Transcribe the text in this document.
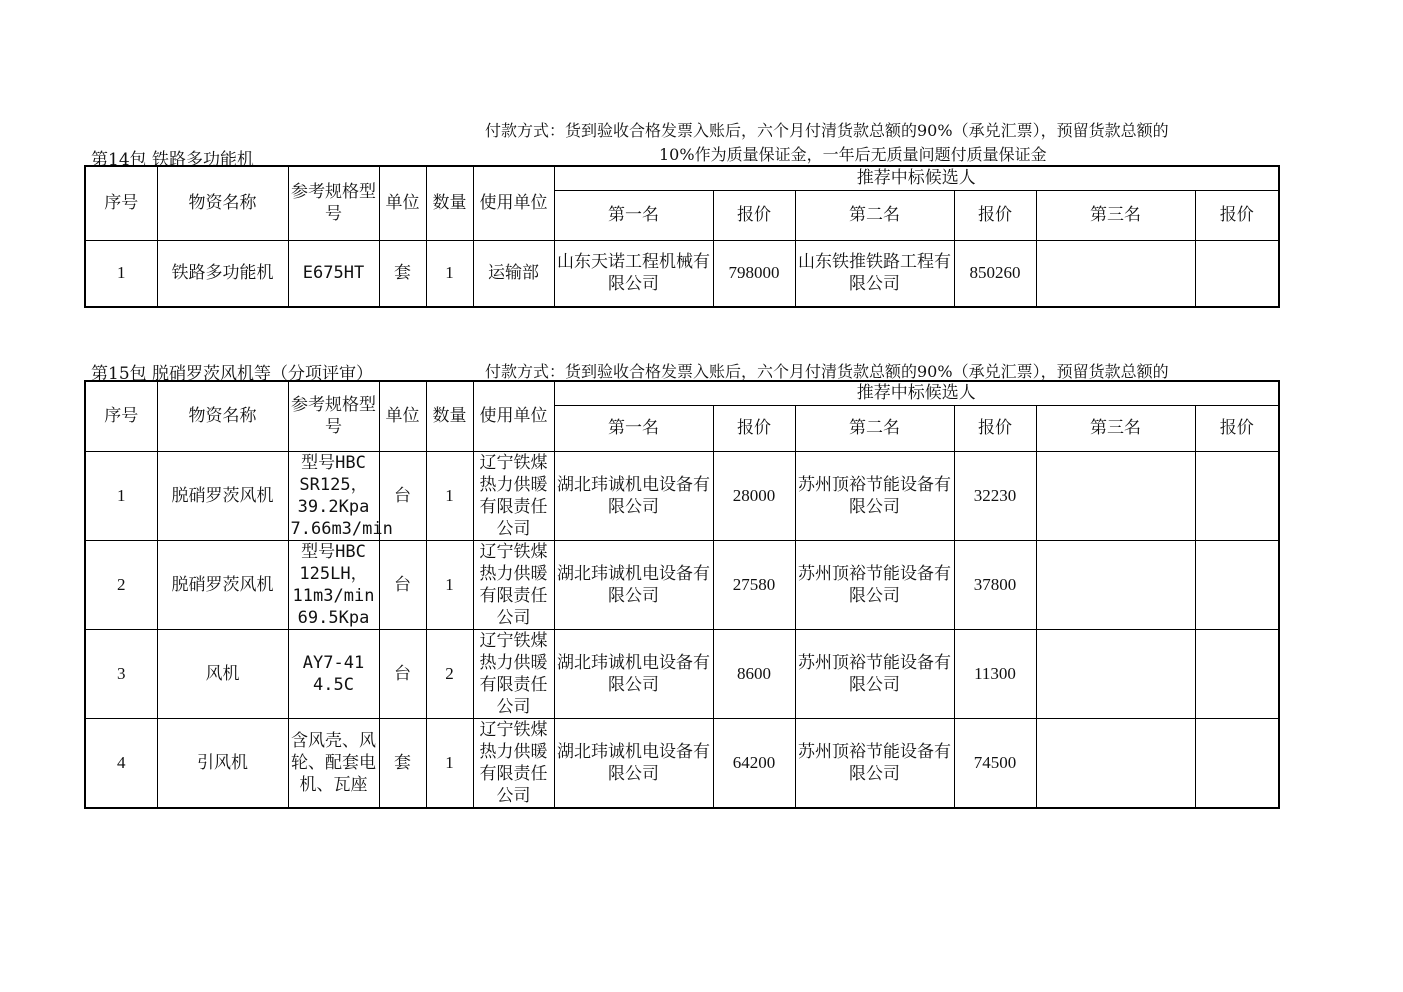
付款方式：货到验收合格发票入账后，六个月付清货款总额的90%（承兑汇票），预留货款总额的
10%作为质量保证金，一年后无质量问题付质量保证金
第14包 铁路多功能机
序号	物资名称	参考规格型号	单位	数量	使用单位	推荐中标候选人					
						第一名	报价	第二名	报价	第三名	报价
1	铁路多功能机	E675HT	套	1	运输部	山东天诺工程机械有限公司	798000	山东铁推铁路工程有限公司	850260		
第15包 脱硝罗茨风机等（分项评审）	付款方式：货到验收合格发票入账后，六个月付清货款总额的90%（承兑汇票），预留货款总额的
序号	物资名称	参考规格型号	单位	数量	使用单位	推荐中标候选人					
						第一名	报价	第二名	报价	第三名	报价
1	脱硝罗茨风机	型号HBC SR125，39.2Kpa 7.66m3/min	台	1	辽宁铁煤热力供暖有限责任公司	湖北玮诚机电设备有限公司	28000	苏州顶裕节能设备有限公司	32230		
2	脱硝罗茨风机	型号HBC 125LH，11m3/min 69.5Kpa	台	1	辽宁铁煤热力供暖有限责任公司	湖北玮诚机电设备有限公司	27580	苏州顶裕节能设备有限公司	37800		
3	风机	AY7-41 4.5C	台	2	辽宁铁煤热力供暖有限责任公司	湖北玮诚机电设备有限公司	8600	苏州顶裕节能设备有限公司	11300		
4	引风机	含风壳、风轮、配套电机、瓦座	套	1	辽宁铁煤热力供暖有限责任公司	湖北玮诚机电设备有限公司	64200	苏州顶裕节能设备有限公司	74500		
